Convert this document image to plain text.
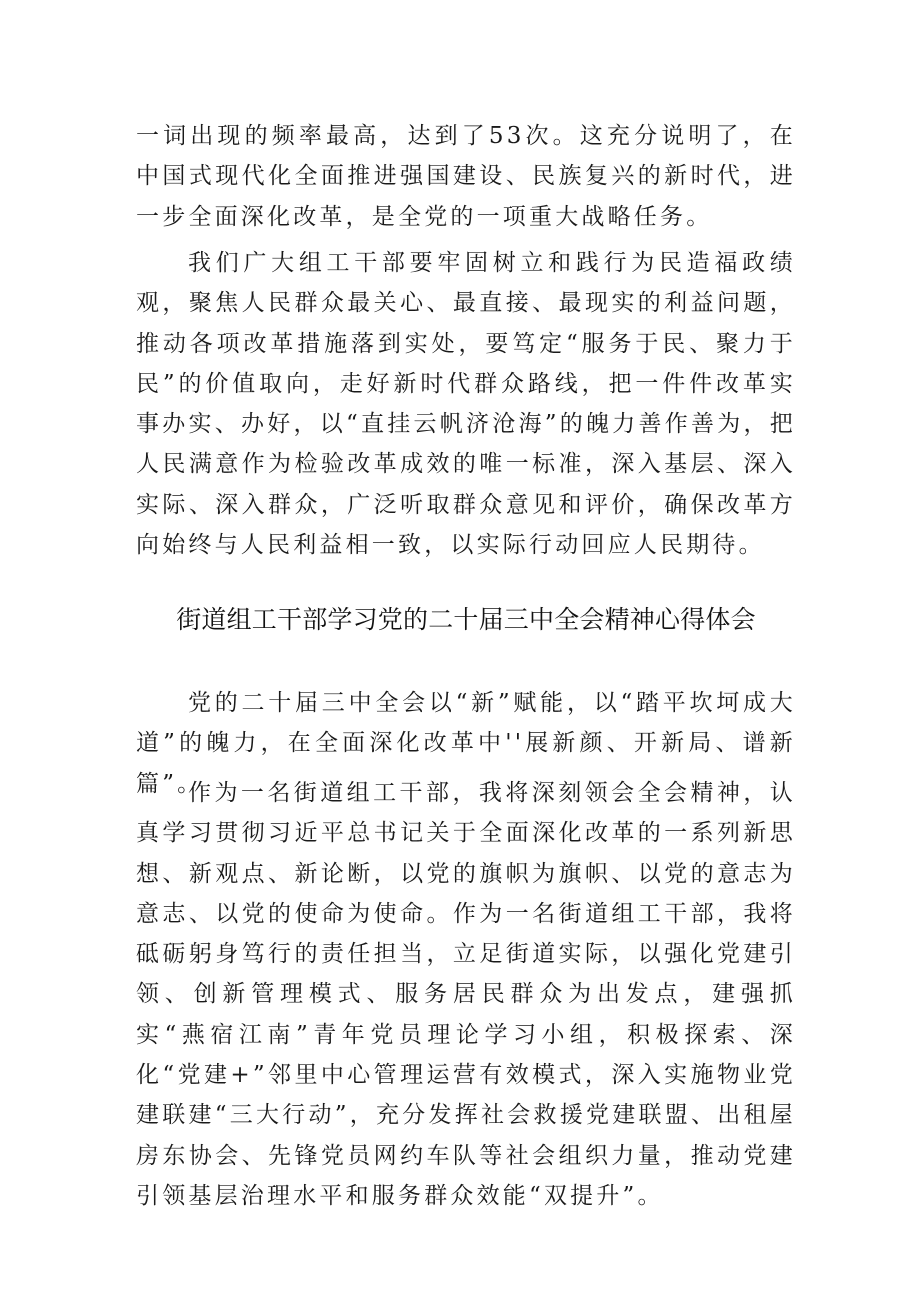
一词出现的频率最高，达到了53次。这充分说明了，在中国式现代化全面推进强国建设、民族复兴的新时代，进一步全面深化改革，是全党的一项重大战略任务。

我们广大组工干部要牢固树立和践行为民造福政绩观，聚焦人民群众最关心、最直接、最现实的利益问题，推动各项改革措施落到实处，要笃定“服务于民、聚力于民”的价值取向，走好新时代群众路线，把一件件改革实事办实、办好，以“直挂云帆济沧海”的魄力善作善为，把人民满意作为检验改革成效的唯一标准，深入基层、深入实际、深入群众，广泛听取群众意见和评价，确保改革方向始终与人民利益相一致，以实际行动回应人民期待。

街道组工干部学习党的二十届三中全会精神心得体会

党的二十届三中全会以“新”赋能，以“踏平坎坷成大道”的魄力，在全面深化改革中''展新颜、开新局、谱新篇”。

作为一名街道组工干部，我将深刻领会全会精神，认真学习贯彻习近平总书记关于全面深化改革的一系列新思想、新观点、新论断，以党的旗帜为旗帜、以党的意志为意志、以党的使命为使命。作为一名街道组工干部，我将砥砺躬身笃行的责任担当，立足街道实际，以强化党建引领、创新管理模式、服务居民群众为出发点，建强抓实“燕宿江南”青年党员理论学习小组，积极探索、深化“党建+”邻里中心管理运营有效模式，深入实施物业党建联建“三大行动”，充分发挥社会救援党建联盟、出租屋房东协会、先锋党员网约车队等社会组织力量，推动党建引领基层治理水平和服务群众效能“双提升”。
